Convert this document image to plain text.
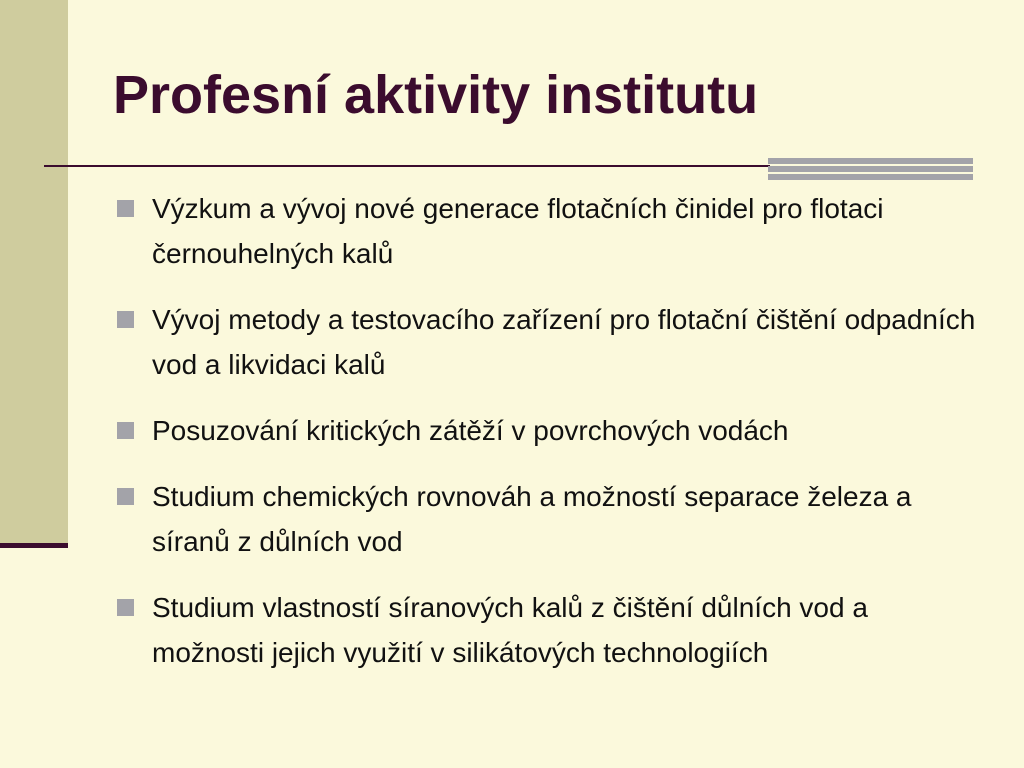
Profesní aktivity institutu
Výzkum a vývoj nové generace flotačních činidel pro flotaci černouhelných kalů
Vývoj metody a testovacího zařízení pro flotační čištění odpadních vod a likvidaci kalů
Posuzování kritických zátěží v povrchových vodách
Studium chemických rovnováh a možností separace železa a síranů z důlních vod
Studium vlastností síranových kalů z čištění důlních vod a možnosti jejich využití v silikátových technologiích
